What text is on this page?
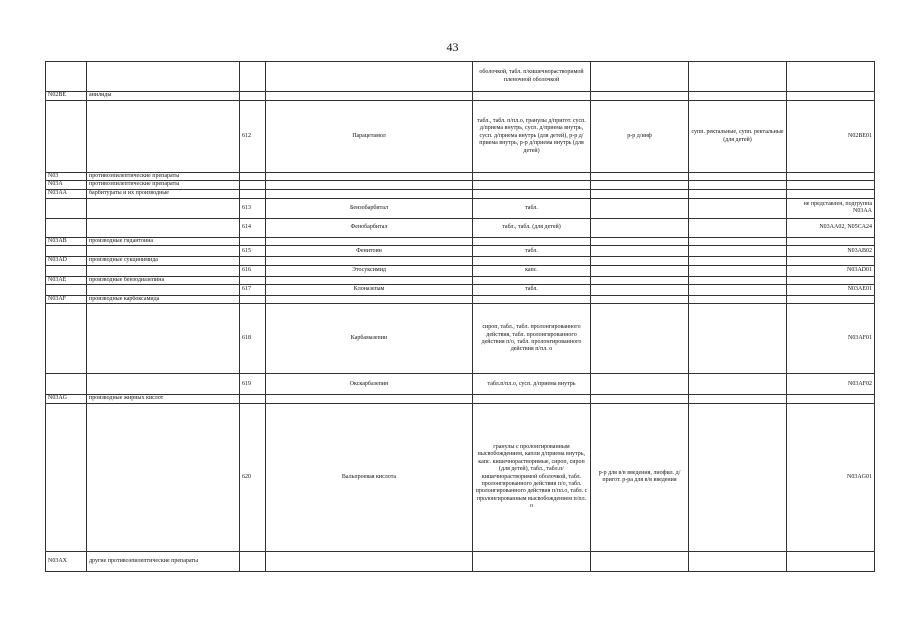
43
				оболочкой, табл. п/кишечнорастворимой пленочной оболочкой			
N02BE	анилиды						
		612	Парацетамол	табл., табл. п/пл.о, гранулы д/пригот. сусп. д/приема внутрь, сусп. д/приема внутрь, сусп. д/приема внутрь (для детей), р-р д/приема внутрь, р-р д/приема внутрь (для детей)	р-р д/инф	супп. ректальные, супп. ректальные (для детей)	N02BE01
N03	противоэпилептические препараты						
N03A	противоэпилептические препараты						
N03AA	барбитураты и их производные						
		613	Бензобарбитал	табл.			не представлен, подгруппа N03AA
		614	Фенобарбитал	табл., табл. (для детей)			N03AA02, N05CA24
N03AB	производные гидантоина						
		615	Фенитоин	табл.			N03AB02
N03AD	производные сукцинимида						
		616	Этосуксимид	капс.			N03AD01
N03AE	производные бензодиазепина						
		617	Клоназепам	табл.			N03AE01
N03AF	производные карбоксамида						
		618	Карбамазепин	сироп, табл., табл. пролонгированного действия, табл. пролонгированного действия п/о, табл. пролонгированного действия п/пл. о			N03AF01
		619	Окскарбазепин	табл.п/пл.о, сусп. д/приема внутрь			N03AF02
N03AG	производные жирных кислот						
		620	Вальпроевая кислота	гранулы с пролонгированным высвобождением, капли д/приема внутрь, капс. кишечнорастворимые, сироп, сироп (для детей), табл., табл.п/кишечнорастворимой оболочкой, табл. пролонгированного действия п/о, табл. пролонгированного действия п/пл.о, табл. с пролонгированным высвобождением п/пл. о	р-р для в/в введения, лиофил. д/пригот. р-ра для в/в введения		N03AG01
N03AX	другие противоэпилептические препараты						
